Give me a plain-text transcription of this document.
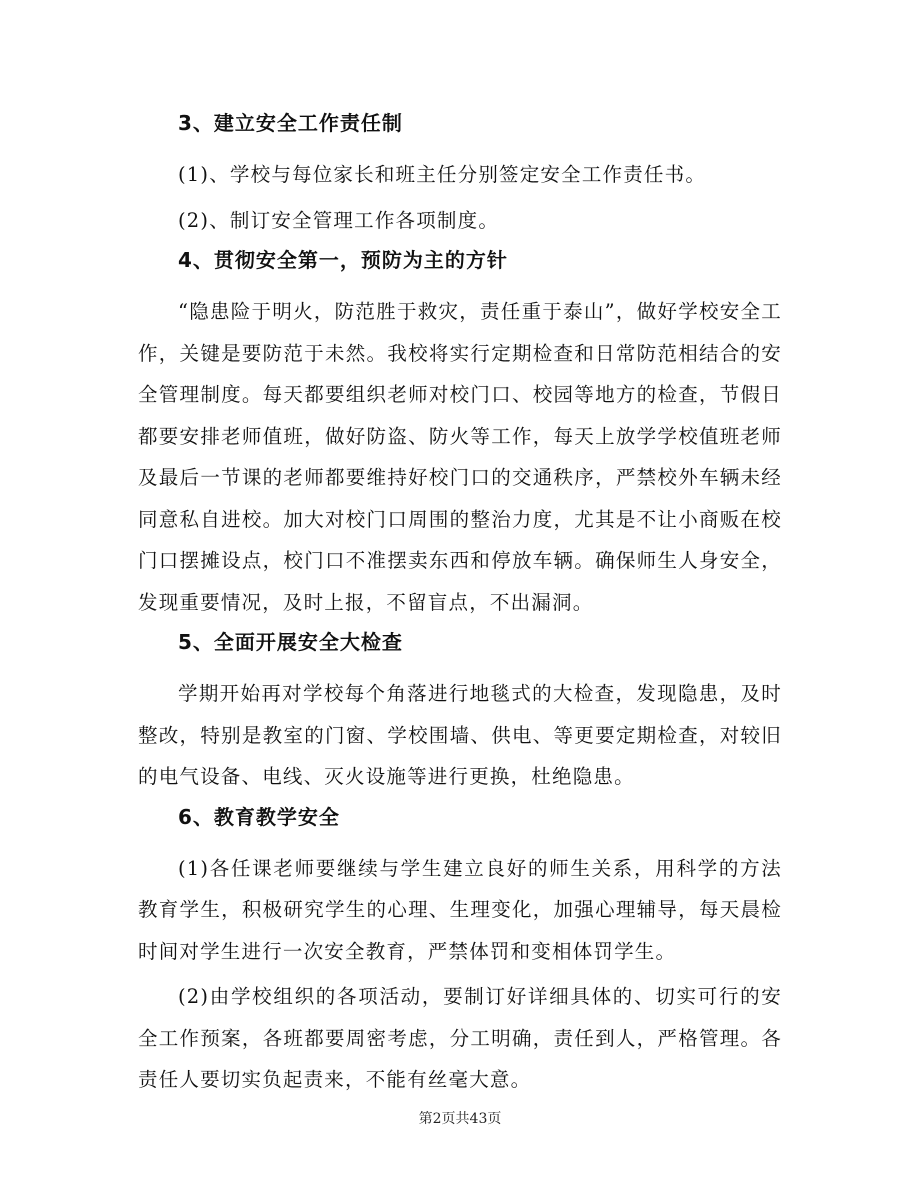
3、建立安全工作责任制
(1)、学校与每位家长和班主任分别签定安全工作责任书。
(2)、制订安全管理工作各项制度。
4、贯彻安全第一，预防为主的方针
“隐患险于明火，防范胜于救灾，责任重于泰山”，做好学校安全工作，关键是要防范于未然。我校将实行定期检查和日常防范相结合的安全管理制度。每天都要组织老师对校门口、校园等地方的检查，节假日都要安排老师值班，做好防盗、防火等工作，每天上放学学校值班老师及最后一节课的老师都要维持好校门口的交通秩序，严禁校外车辆未经同意私自进校。加大对校门口周围的整治力度，尤其是不让小商贩在校门口摆摊设点，校门口不准摆卖东西和停放车辆。确保师生人身安全，发现重要情况，及时上报，不留盲点，不出漏洞。
5、全面开展安全大检查
学期开始再对学校每个角落进行地毯式的大检查，发现隐患，及时整改，特别是教室的门窗、学校围墙、供电、等更要定期检查，对较旧的电气设备、电线、灭火设施等进行更换，杜绝隐患。
6、教育教学安全
(1)各任课老师要继续与学生建立良好的师生关系，用科学的方法教育学生，积极研究学生的心理、生理变化，加强心理辅导，每天晨检时间对学生进行一次安全教育，严禁体罚和变相体罚学生。
(2)由学校组织的各项活动，要制订好详细具体的、切实可行的安全工作预案，各班都要周密考虑，分工明确，责任到人，严格管理。各责任人要切实负起责来，不能有丝毫大意。
第2页共43页
